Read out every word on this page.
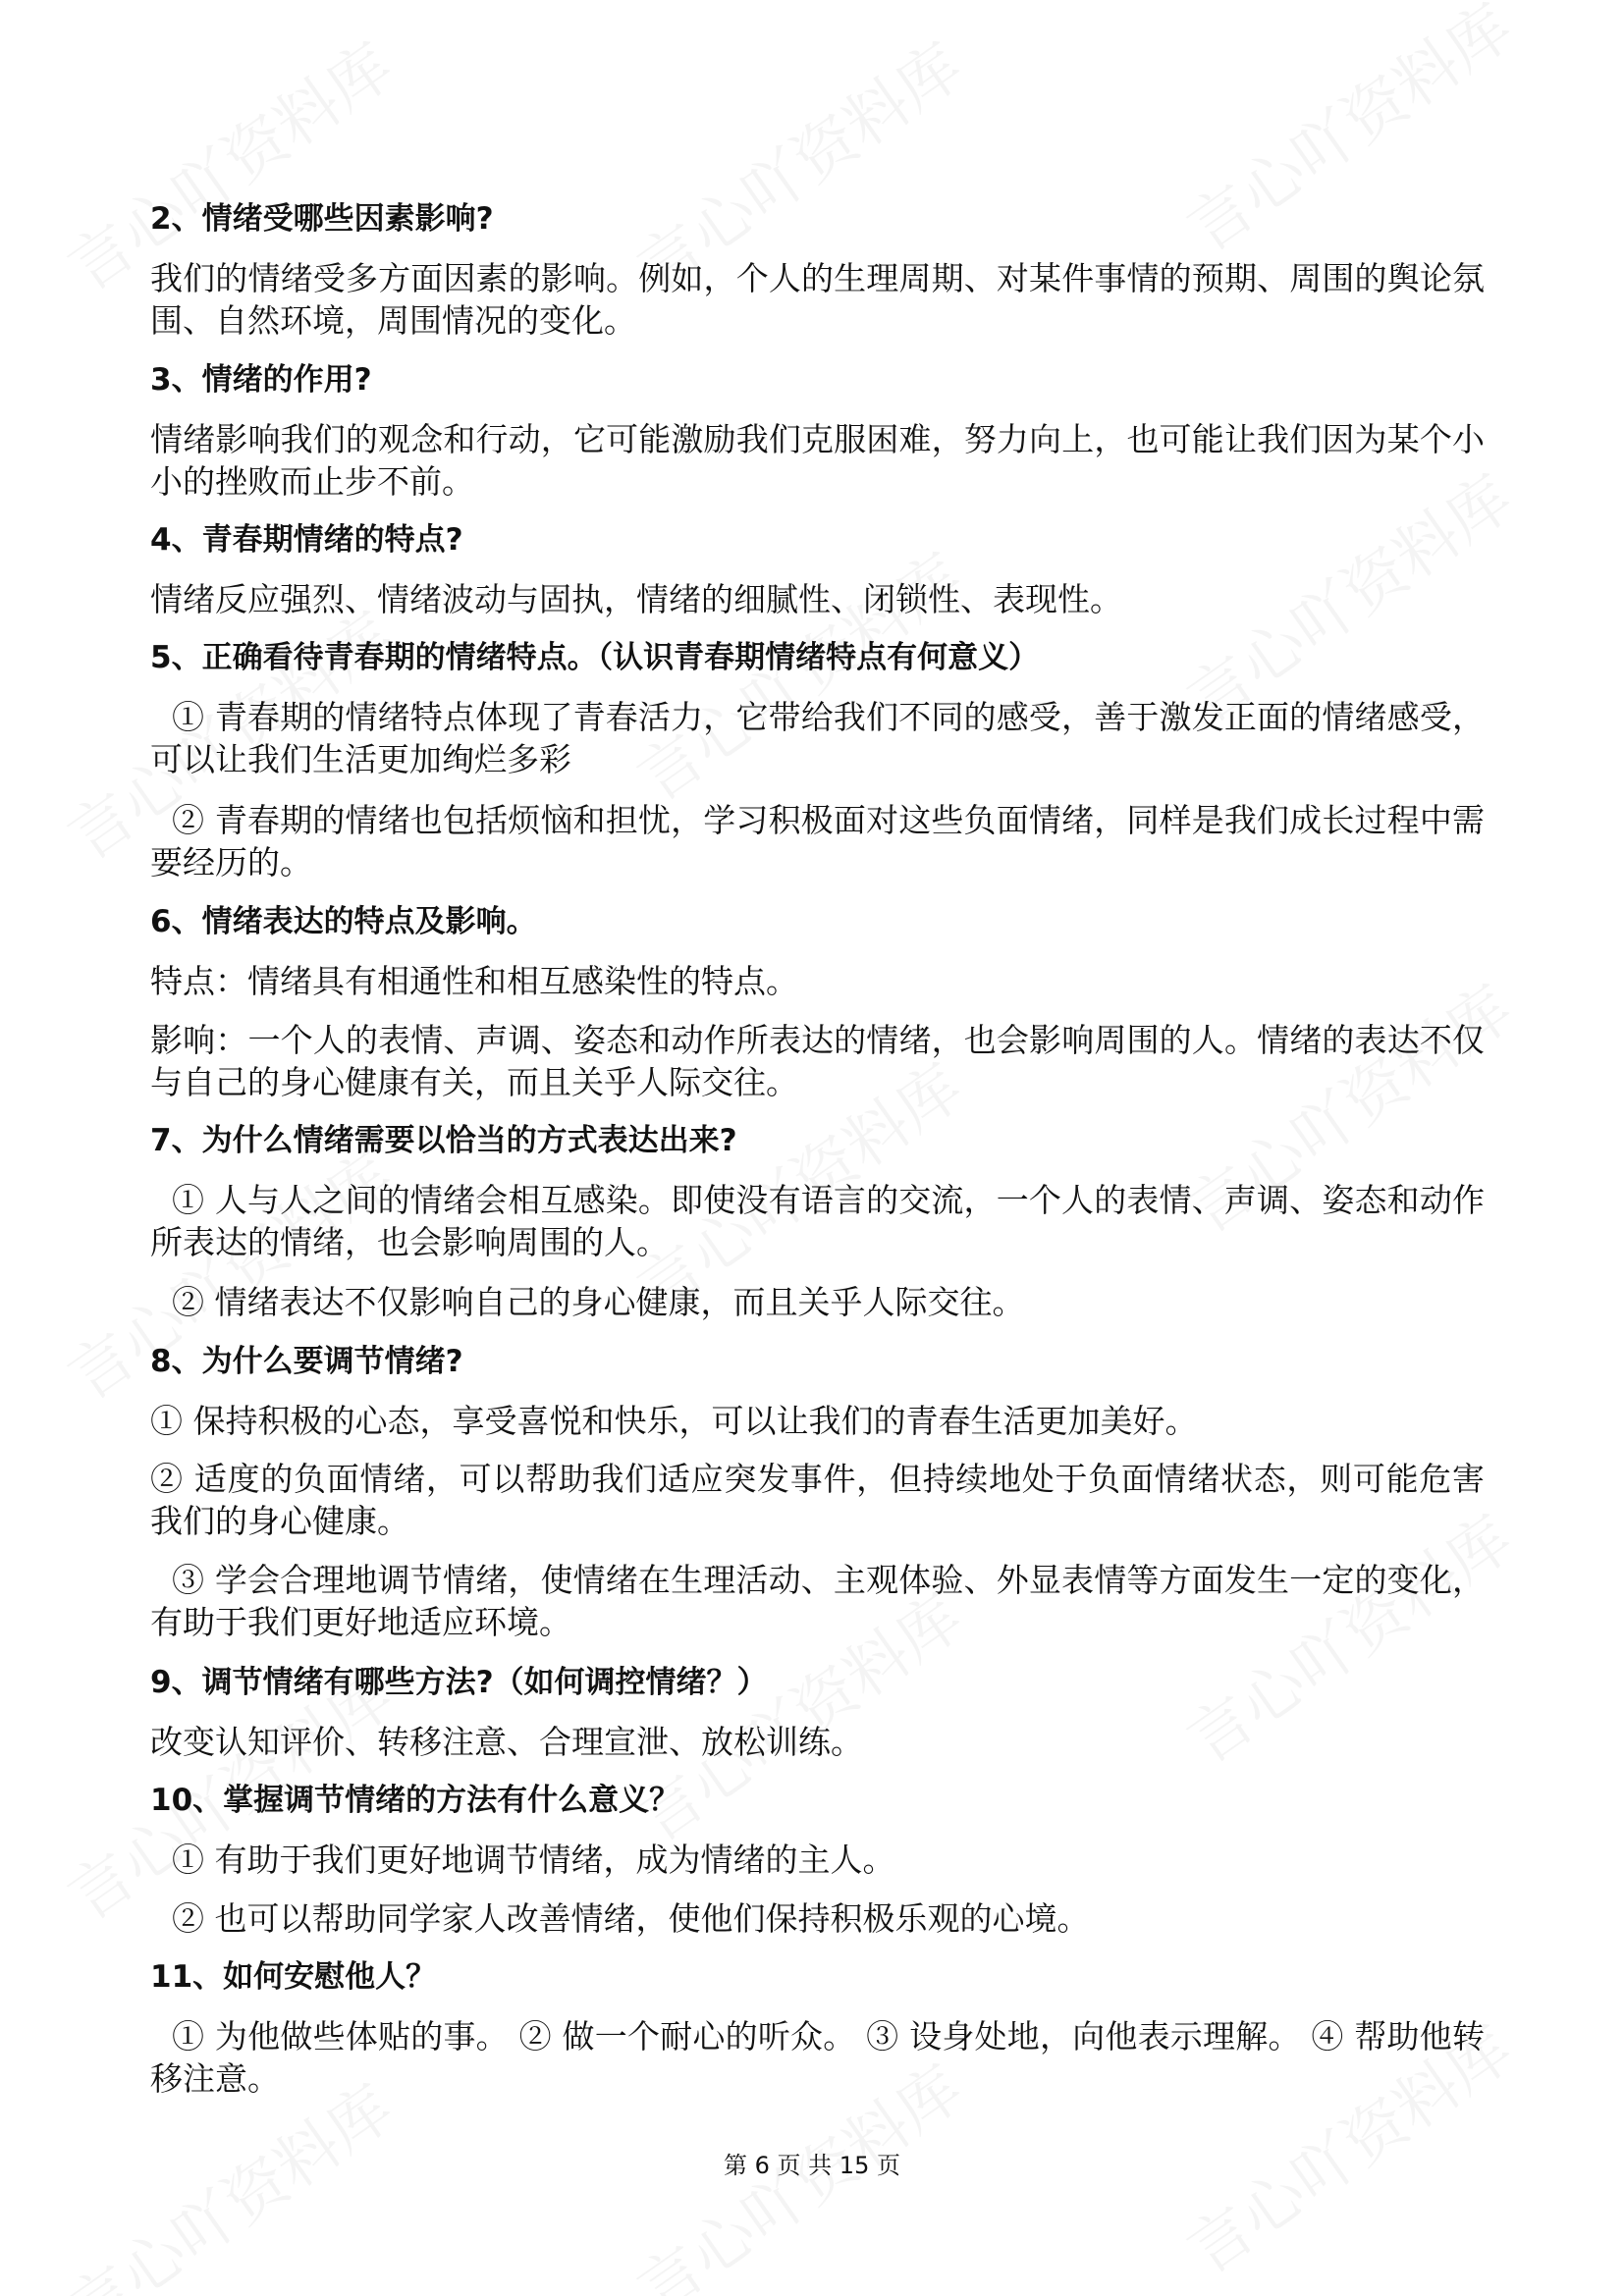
第 6 页 共 15 页
2、情绪受哪些因素影响?
我们的情绪受多方面因素的影响。例如，个人的生理周期、对某件事情的预期、周围的舆论氛围、自然环境，周围情况的变化。
3、情绪的作用?
情绪影响我们的观念和行动，它可能激励我们克服困难，努力向上，也可能让我们因为某个小小的挫败而止步不前。
4、青春期情绪的特点?
情绪反应强烈、情绪波动与固执，情绪的细腻性、闭锁性、表现性。
5、正确看待青春期的情绪特点。（认识青春期情绪特点有何意义）
① 青春期的情绪特点体现了青春活力，它带给我们不同的感受，善于激发正面的情绪感受，可以让我们生活更加绚烂多彩
② 青春期的情绪也包括烦恼和担忧，学习积极面对这些负面情绪，同样是我们成长过程中需要经历的。
6、情绪表达的特点及影响。
特点：情绪具有相通性和相互感染性的特点。
影响：一个人的表情、声调、姿态和动作所表达的情绪，也会影响周围的人。情绪的表达不仅与自己的身心健康有关，而且关乎人际交往。
7、为什么情绪需要以恰当的方式表达出来?
① 人与人之间的情绪会相互感染。即使没有语言的交流，一个人的表情、声调、姿态和动作所表达的情绪，也会影响周围的人。
② 情绪表达不仅影响自己的身心健康，而且关乎人际交往。
8、为什么要调节情绪?
① 保持积极的心态，享受喜悦和快乐，可以让我们的青春生活更加美好。
② 适度的负面情绪，可以帮助我们适应突发事件，但持续地处于负面情绪状态，则可能危害我们的身心健康。
③ 学会合理地调节情绪，使情绪在生理活动、主观体验、外显表情等方面发生一定的变化，有助于我们更好地适应环境。
9、调节情绪有哪些方法?（如何调控情绪？）
改变认知评价、转移注意、合理宣泄、放松训练。
10、掌握调节情绪的方法有什么意义？
① 有助于我们更好地调节情绪，成为情绪的主人。
② 也可以帮助同学家人改善情绪，使他们保持积极乐观的心境。
11、如何安慰他人？
① 为他做些体贴的事。 ② 做一个耐心的听众。 ③ 设身处地，向他表示理解。 ④ 帮助他转移注意。
